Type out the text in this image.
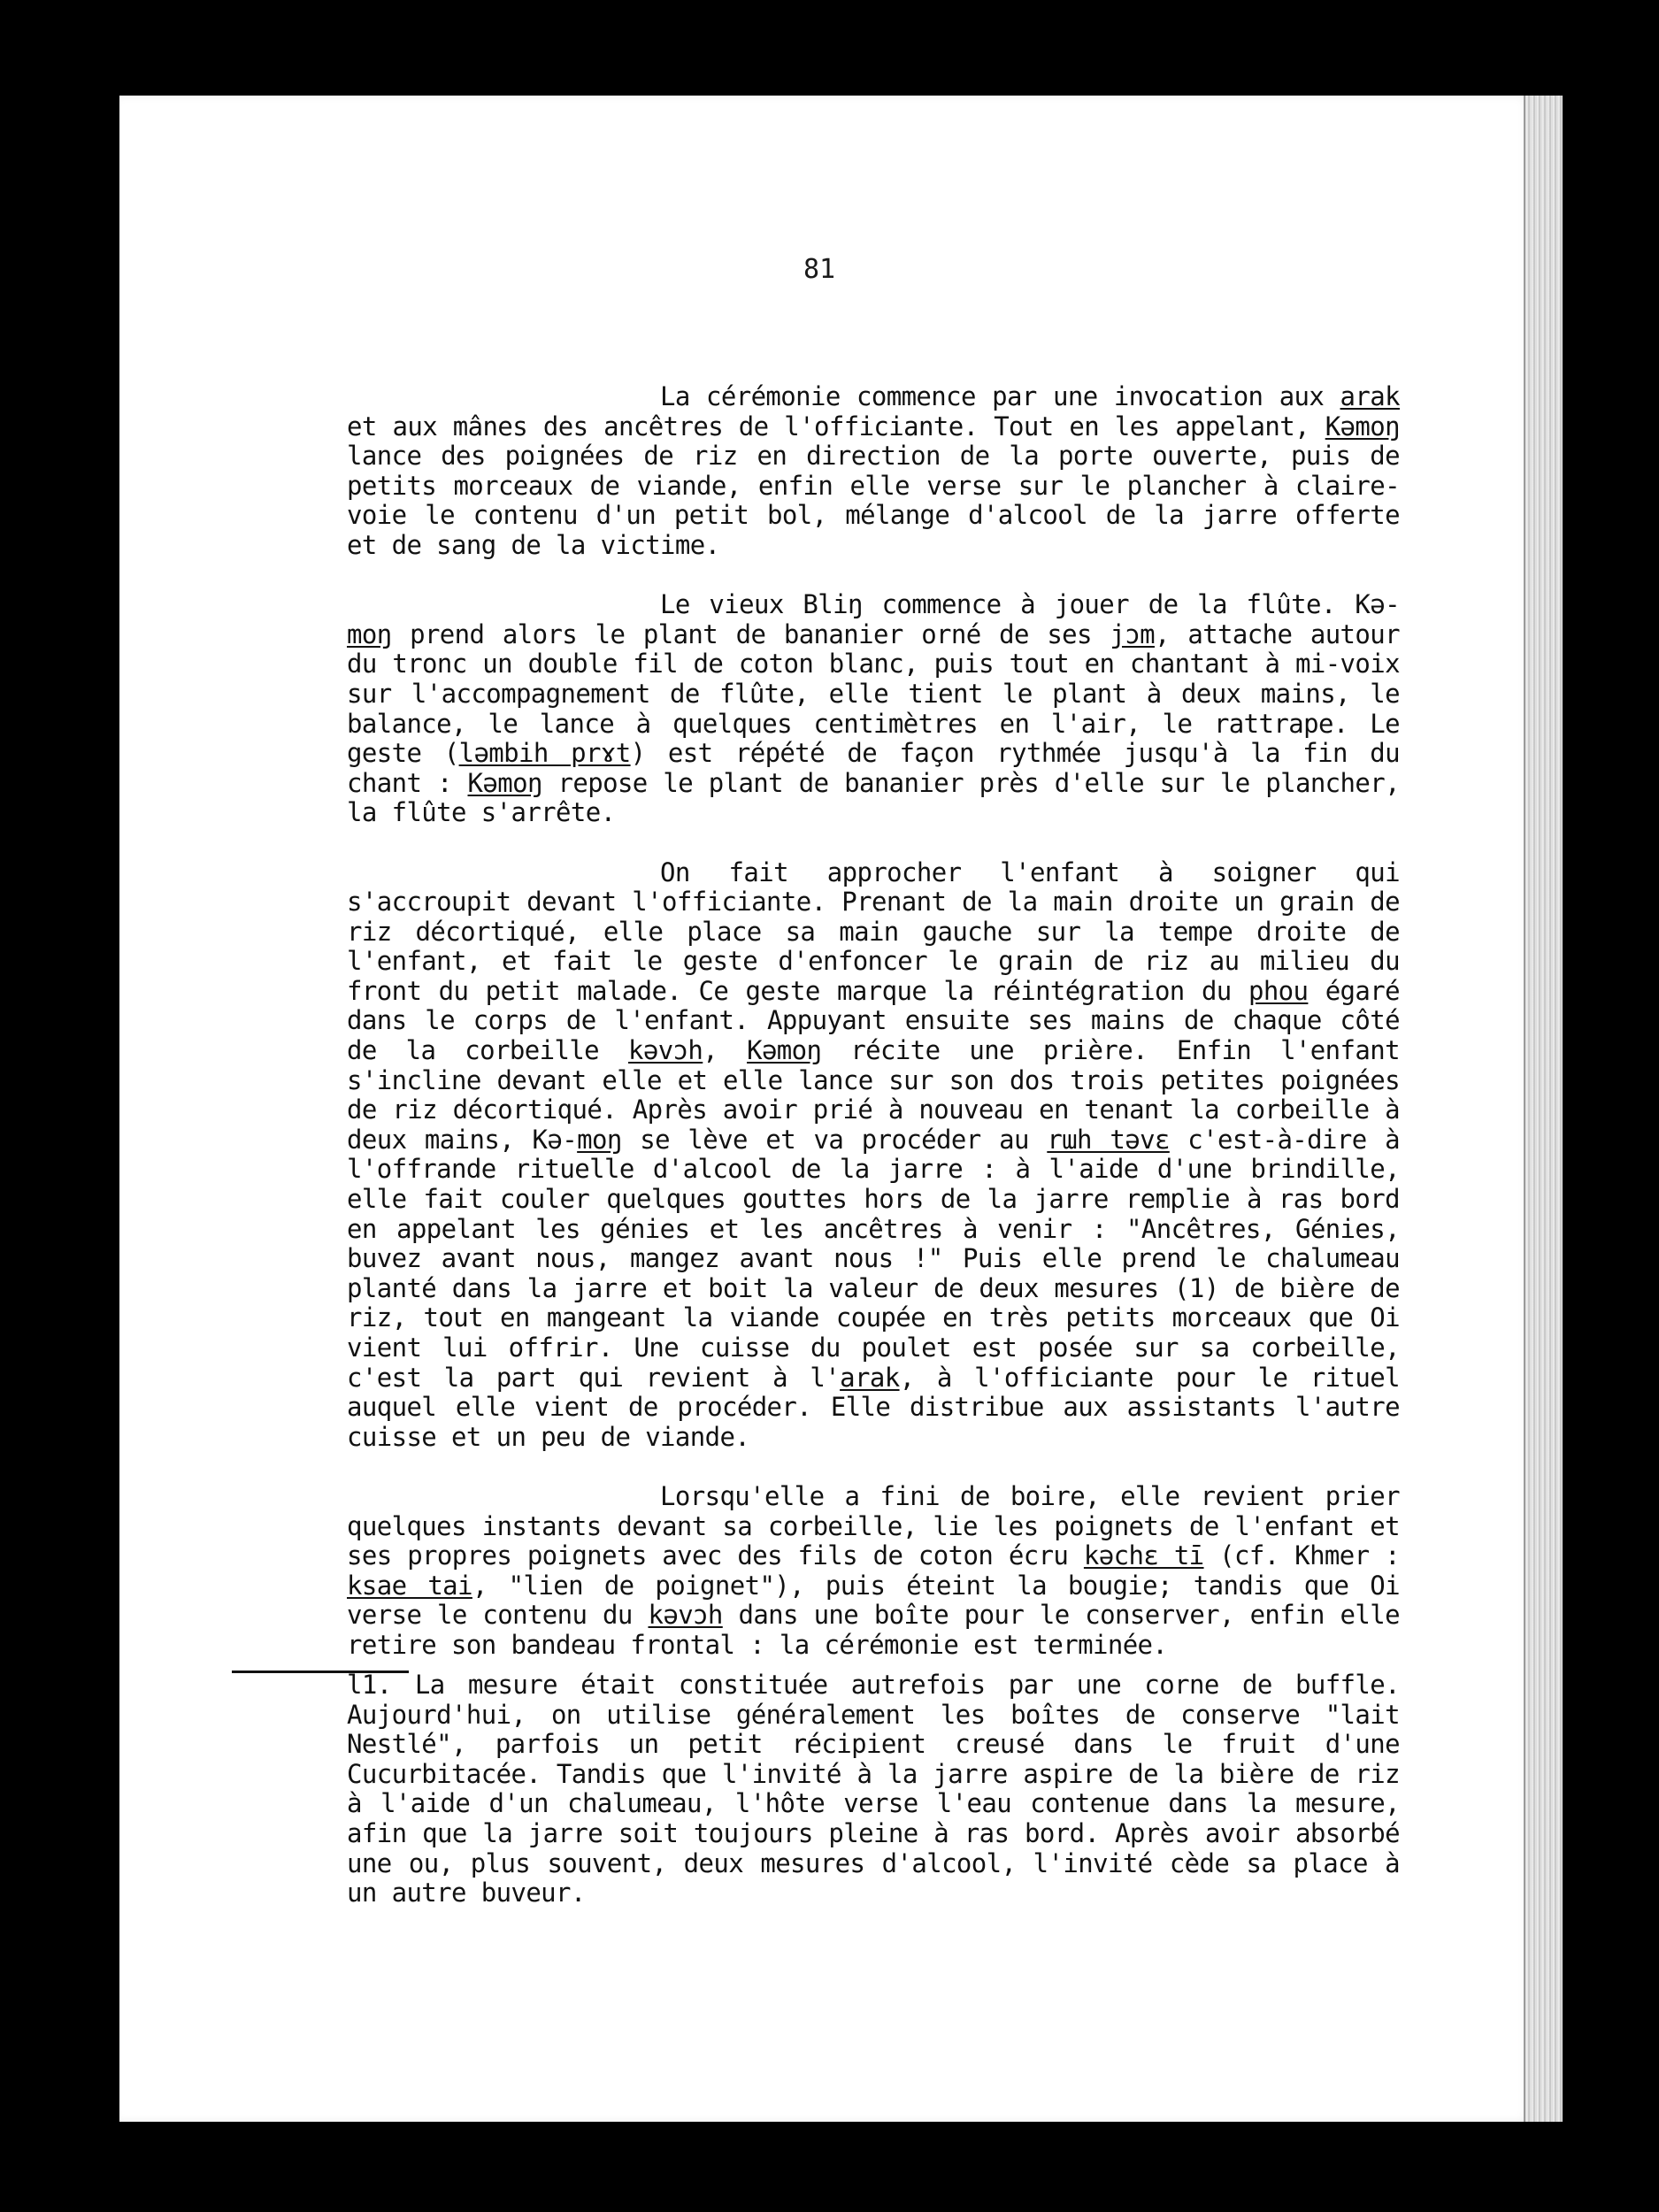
81

La cérémonie commence par une invocation aux arak et aux mânes des ancêtres de l'officiante. Tout en les appelant, Kəmoŋ lance des poignées de riz en direction de la porte ouverte, puis de petits morceaux de viande, enfin elle verse sur le plancher à claire-voie le contenu d'un petit bol, mélange d'alcool de la jarre offerte et de sang de la victime.

Le vieux Bliŋ commence à jouer de la flûte. Kə-moŋ prend alors le plant de bananier orné de ses jɔm, attache autour du tronc un double fil de coton blanc, puis tout en chantant à mi-voix sur l'accompagnement de flûte, elle tient le plant à deux mains, le balance, le lance à quelques centimètres en l'air, le rattrape. Le geste (ləmbih prɤt) est répété de façon rythmée jusqu'à la fin du chant : Kəmoŋ repose le plant de bananier près d'elle sur le plancher, la flûte s'arrête.

On fait approcher l'enfant à soigner qui s'accroupit devant l'officiante. Prenant de la main droite un grain de riz décortiqué, elle place sa main gauche sur la tempe droite de l'enfant, et fait le geste d'enfoncer le grain de riz au milieu du front du petit malade. Ce geste marque la réintégration du phou égaré dans le corps de l'enfant. Appuyant ensuite ses mains de chaque côté de la corbeille kəvɔh, Kəmoŋ récite une prière. Enfin l'enfant s'incline devant elle et elle lance sur son dos trois petites poignées de riz décortiqué. Après avoir prié à nouveau en tenant la corbeille à deux mains, Kə-moŋ se lève et va procéder au rɯh təvɛ c'est-à-dire à l'offrande rituelle d'alcool de la jarre : à l'aide d'une brindille, elle fait couler quelques gouttes hors de la jarre remplie à ras bord en appelant les génies et les ancêtres à venir : "Ancêtres, Génies, buvez avant nous, mangez avant nous !" Puis elle prend le chalumeau planté dans la jarre et boit la valeur de deux mesures (1) de bière de riz, tout en mangeant la viande coupée en très petits morceaux que Oi vient lui offrir. Une cuisse du poulet est posée sur sa corbeille, c'est la part qui revient à l'arak, à l'officiante pour le rituel auquel elle vient de procéder. Elle distribue aux assistants l'autre cuisse et un peu de viande.

Lorsqu'elle a fini de boire, elle revient prier quelques instants devant sa corbeille, lie les poignets de l'enfant et ses propres poignets avec des fils de coton écru kəchɛ tī (cf. Khmer : ksae tai, "lien de poignet"), puis éteint la bougie; tandis que Oi verse le contenu du kəvɔh dans une boîte pour le conserver, enfin elle retire son bandeau frontal : la cérémonie est terminée.

l1. La mesure était constituée autrefois par une corne de buffle. Aujourd'hui, on utilise généralement les boîtes de conserve "lait Nestlé", parfois un petit récipient creusé dans le fruit d'une Cucurbitacée. Tandis que l'invité à la jarre aspire de la bière de riz à l'aide d'un chalumeau, l'hôte verse l'eau contenue dans la mesure, afin que la jarre soit toujours pleine à ras bord. Après avoir absorbé une ou, plus souvent, deux mesures d'alcool, l'invité cède sa place à un autre buveur.
